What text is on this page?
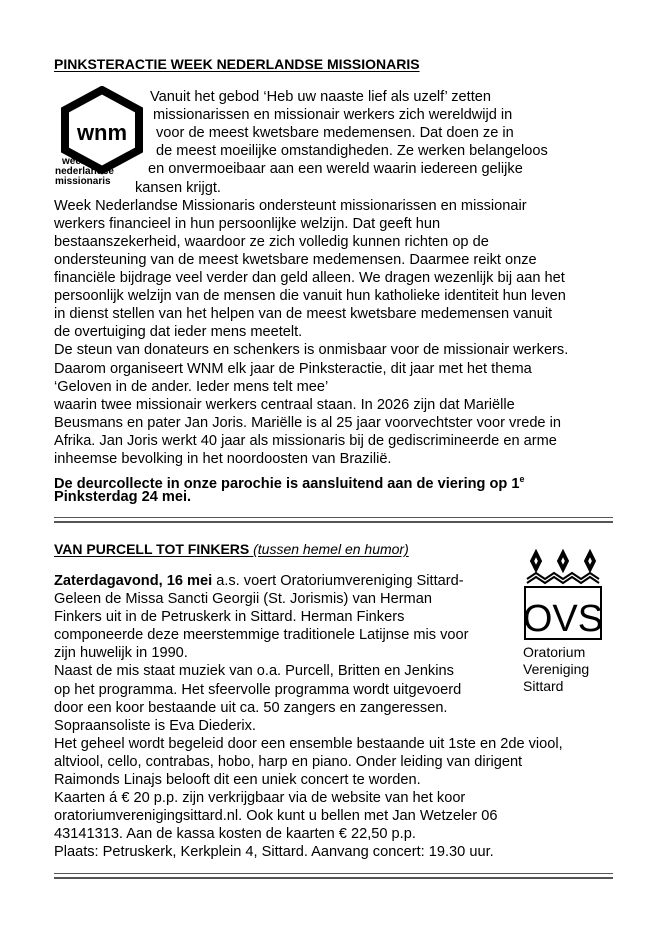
PINKSTERACTIE WEEK NEDERLANDSE MISSIONARIS
wnm
week
nederlandse
missionaris
Vanuit het gebod ‘Heb uw naaste lief als uzelf’ zetten
missionarissen en missionair werkers zich wereldwijd in
voor de meest kwetsbare medemensen. Dat doen ze in
de meest moeilijke omstandigheden. Ze werken belangeloos
en onvermoeibaar aan een wereld waarin iedereen gelijke
kansen krijgt.
Week Nederlandse Missionaris ondersteunt missionarissen en missionair
werkers financieel in hun persoonlijke welzijn. Dat geeft hun
bestaanszekerheid, waardoor ze zich volledig kunnen richten op de
ondersteuning van de meest kwetsbare medemensen. Daarmee reikt onze
financiële bijdrage veel verder dan geld alleen. We dragen wezenlijk bij aan het
persoonlijk welzijn van de mensen die vanuit hun katholieke identiteit hun leven
in dienst stellen van het helpen van de meest kwetsbare medemensen vanuit
de overtuiging dat ieder mens meetelt.
De steun van donateurs en schenkers is onmisbaar voor de missionair werkers.
Daarom organiseert WNM elk jaar de Pinksteractie, dit jaar met het thema
‘Geloven in de ander. Ieder mens telt mee’
waarin twee missionair werkers centraal staan. In 2026 zijn dat Mariëlle
Beusmans en pater Jan Joris. Mariëlle is al 25 jaar voorvechtster voor vrede in
Afrika. Jan Joris werkt 40 jaar als missionaris bij de gediscrimineerde en arme
inheemse bevolking in het noordoosten van Brazilië.
De deurcollecte in onze parochie is aansluitend aan de viering op 1e
Pinksterdag 24 mei.
VAN PURCELL TOT FINKERS (tussen hemel en humor)
Zaterdagavond, 16 mei a.s. voert Oratoriumvereniging Sittard-
Geleen de Missa Sancti Georgii (St. Jorismis) van Herman
Finkers uit in de Petruskerk in Sittard. Herman Finkers
componeerde deze meerstemmige traditionele Latijnse mis voor
zijn huwelijk in 1990.
Naast de mis staat muziek van o.a. Purcell, Britten en Jenkins
op het programma. Het sfeervolle programma wordt uitgevoerd
door een koor bestaande uit ca. 50 zangers en zangeressen.
Sopraansoliste is Eva Diederix.
Het geheel wordt begeleid door een ensemble bestaande uit 1ste en 2de viool,
altviool, cello, contrabas, hobo, harp en piano. Onder leiding van dirigent
Raimonds Linajs belooft dit een uniek concert te worden.
Kaarten á € 20 p.p. zijn verkrijgbaar via de website van het koor
oratoriumverenigingsittard.nl. Ook kunt u bellen met Jan Wetzeler 06
43141313. Aan de kassa kosten de kaarten € 22,50 p.p.
Plaats: Petruskerk, Kerkplein 4, Sittard. Aanvang concert: 19.30 uur.
OVS
Oratorium
Vereniging
Sittard
